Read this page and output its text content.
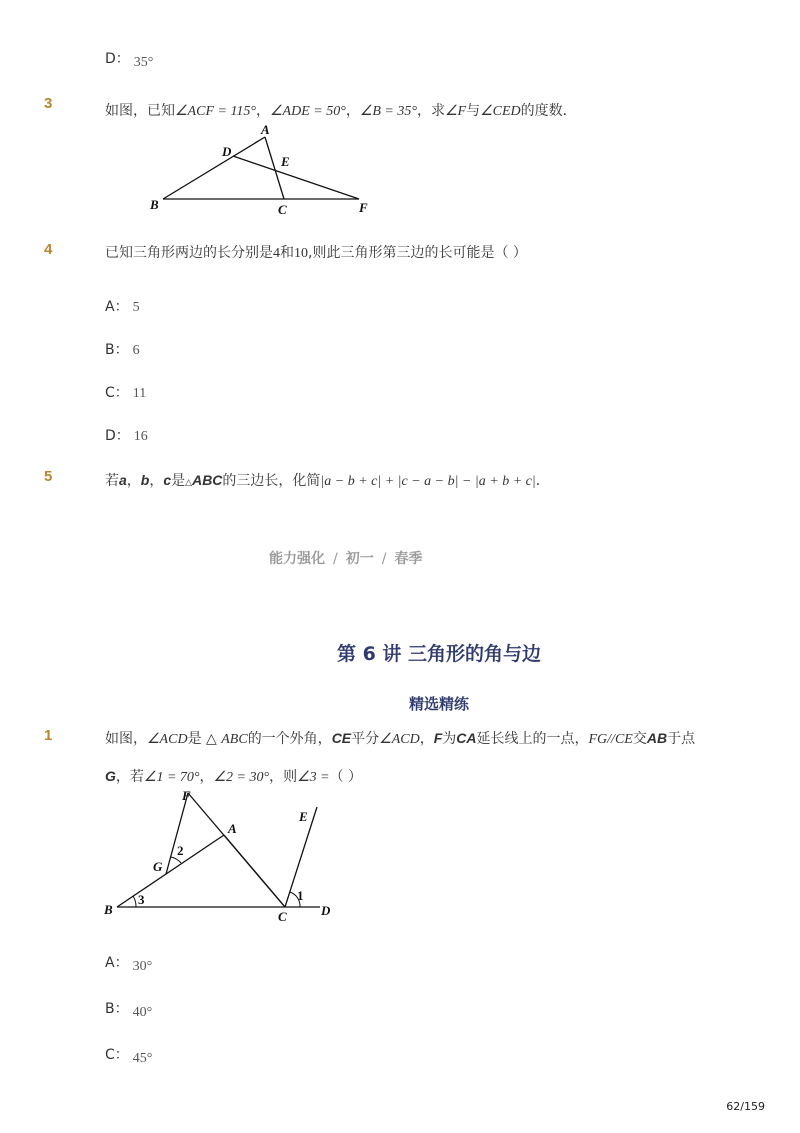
D： 35°
3	如图，已知∠ACF = 115°，∠ADE = 50°，∠B = 35°，求∠F与∠CED的度数．
A
D
E
B	C	F
4	已知三角形两边的长分别是4和10,则此三角形第三边的长可能是（ ）
A： 5
B： 6
C： 11
D： 16
5	若a，b，c是△ABC的三边长，化简|a − b + c| + |c − a − b| − |a + b + c|．
能力强化 / 初一 / 春季
第 6 讲 三角形的角与边
精选精练
1	如图，∠ACD是 △ ABC的一个外角，CE平分∠ACD，F为CA延长线上的一点，FG//CE交AB于点
G，若∠1 = 70°，∠2 = 30°，则∠3 =（ ）
F
A
E
G
B	C	D
1
2
3
A： 30°
B： 40°
C： 45°
62/159
